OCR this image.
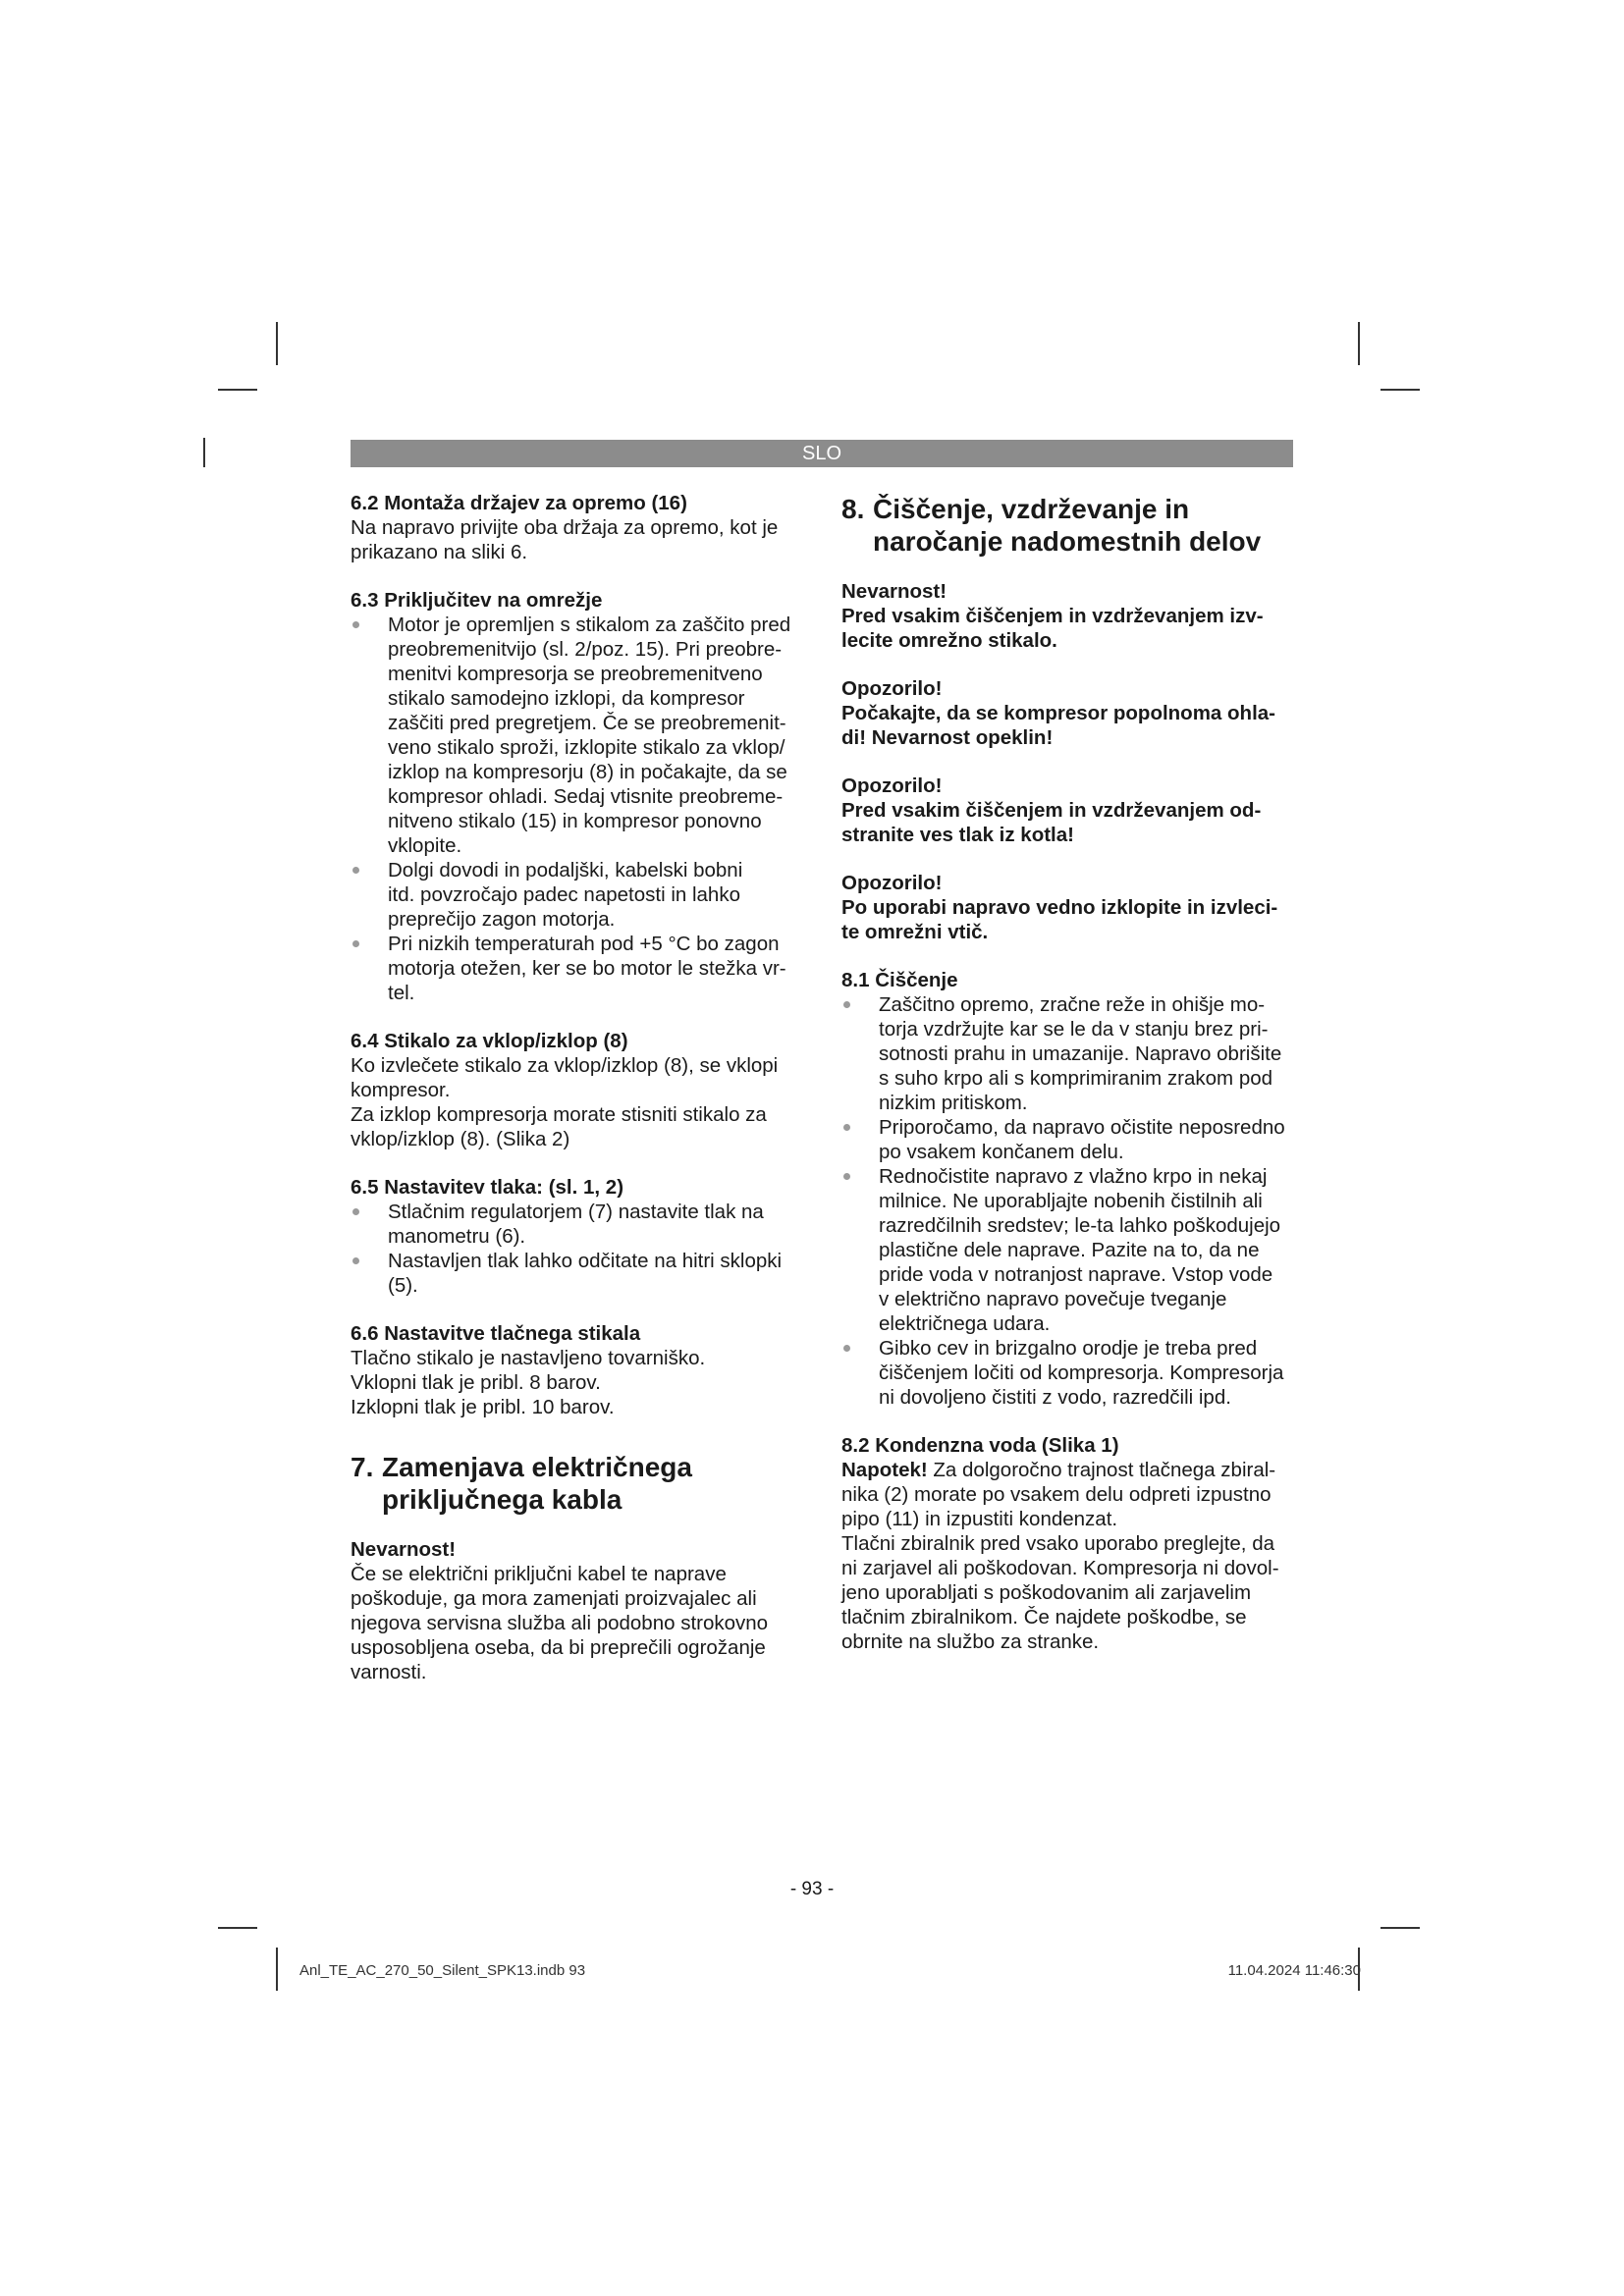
SLO
6.2 Montaža držajev za opremo (16)
Na napravo privijte oba držaja za opremo, kot je
prikazano na sliki 6.
6.3 Priključitev na omrežje
Motor je opremljen s stikalom za zaščito pred
preobremenitvijo (sl. 2/poz. 15). Pri preobre-
menitvi kompresorja se preobremenitveno
stikalo samodejno izklopi, da kompresor
zaščiti pred pregretjem. Če se preobremenit-
veno stikalo sproži, izklopite stikalo za vklop/
izklop na kompresorju (8) in počakajte, da se
kompresor ohladi. Sedaj vtisnite preobreme-
nitveno stikalo (15) in kompresor ponovno
vklopite.
Dolgi dovodi in podaljški, kabelski bobni
itd. povzročajo padec napetosti in lahko
preprečijo zagon motorja.
Pri nizkih temperaturah pod +5 °C bo zagon
motorja otežen, ker se bo motor le stežka vr-
tel.
6.4 Stikalo za vklop/izklop (8)
Ko izvlečete stikalo za vklop/izklop (8), se vklopi
kompresor.
Za izklop kompresorja morate stisniti stikalo za
vklop/izklop (8). (Slika 2)
6.5 Nastavitev tlaka: (sl. 1, 2)
Stlačnim regulatorjem (7) nastavite tlak na
manometru (6).
Nastavljen tlak lahko odčitate na hitri sklopki
(5).
6.6 Nastavitve tlačnega stikala
Tlačno stikalo je nastavljeno tovarniško.
Vklopni tlak je pribl. 8 barov.
Izklopni tlak je pribl. 10 barov.
7. Zamenjava električnega
priključnega kabla
Nevarnost!
Če se električni priključni kabel te naprave
poškoduje, ga mora zamenjati proizvajalec ali
njegova servisna služba ali podobno strokovno
usposobljena oseba, da bi preprečili ogrožanje
varnosti.
8. Čiščenje, vzdrževanje in
naročanje nadomestnih delov
Nevarnost!
Pred vsakim čiščenjem in vzdrževanjem izv-
lecite omrežno stikalo.
Opozorilo!
Počakajte, da se kompresor popolnoma ohla-
di! Nevarnost opeklin!
Opozorilo!
Pred vsakim čiščenjem in vzdrževanjem od-
stranite ves tlak iz kotla!
Opozorilo!
Po uporabi napravo vedno izklopite in izvleci-
te omrežni vtič.
8.1 Čiščenje
Zaščitno opremo, zračne reže in ohišje mo-
torja vzdržujte kar se le da v stanju brez pri-
sotnosti prahu in umazanije. Napravo obrišite
s suho krpo ali s komprimiranim zrakom pod
nizkim pritiskom.
Priporočamo, da napravo očistite neposredno
po vsakem končanem delu.
Rednočistite napravo z vlažno krpo in nekaj
milnice. Ne uporabljajte nobenih čistilnih ali
razredčilnih sredstev; le-ta lahko poškodujejo
plastične dele naprave. Pazite na to, da ne
pride voda v notranjost naprave. Vstop vode
v električno napravo povečuje tveganje
električnega udara.
Gibko cev in brizgalno orodje je treba pred
čiščenjem ločiti od kompresorja. Kompresorja
ni dovoljeno čistiti z vodo, razredčili ipd.
8.2 Kondenzna voda (Slika 1)
Napotek! Za dolgoročno trajnost tlačnega zbiral-
nika (2) morate po vsakem delu odpreti izpustno
pipo (11) in izpustiti kondenzat.
Tlačni zbiralnik pred vsako uporabo preglejte, da
ni zarjavel ali poškodovan. Kompresorja ni dovol-
jeno uporabljati s poškodovanim ali zarjavelim
tlačnim zbiralnikom. Če najdete poškodbe, se
obrnite na službo za stranke.
- 93 -
Anl_TE_AC_270_50_Silent_SPK13.indb 93	11.04.2024 11:46:30
